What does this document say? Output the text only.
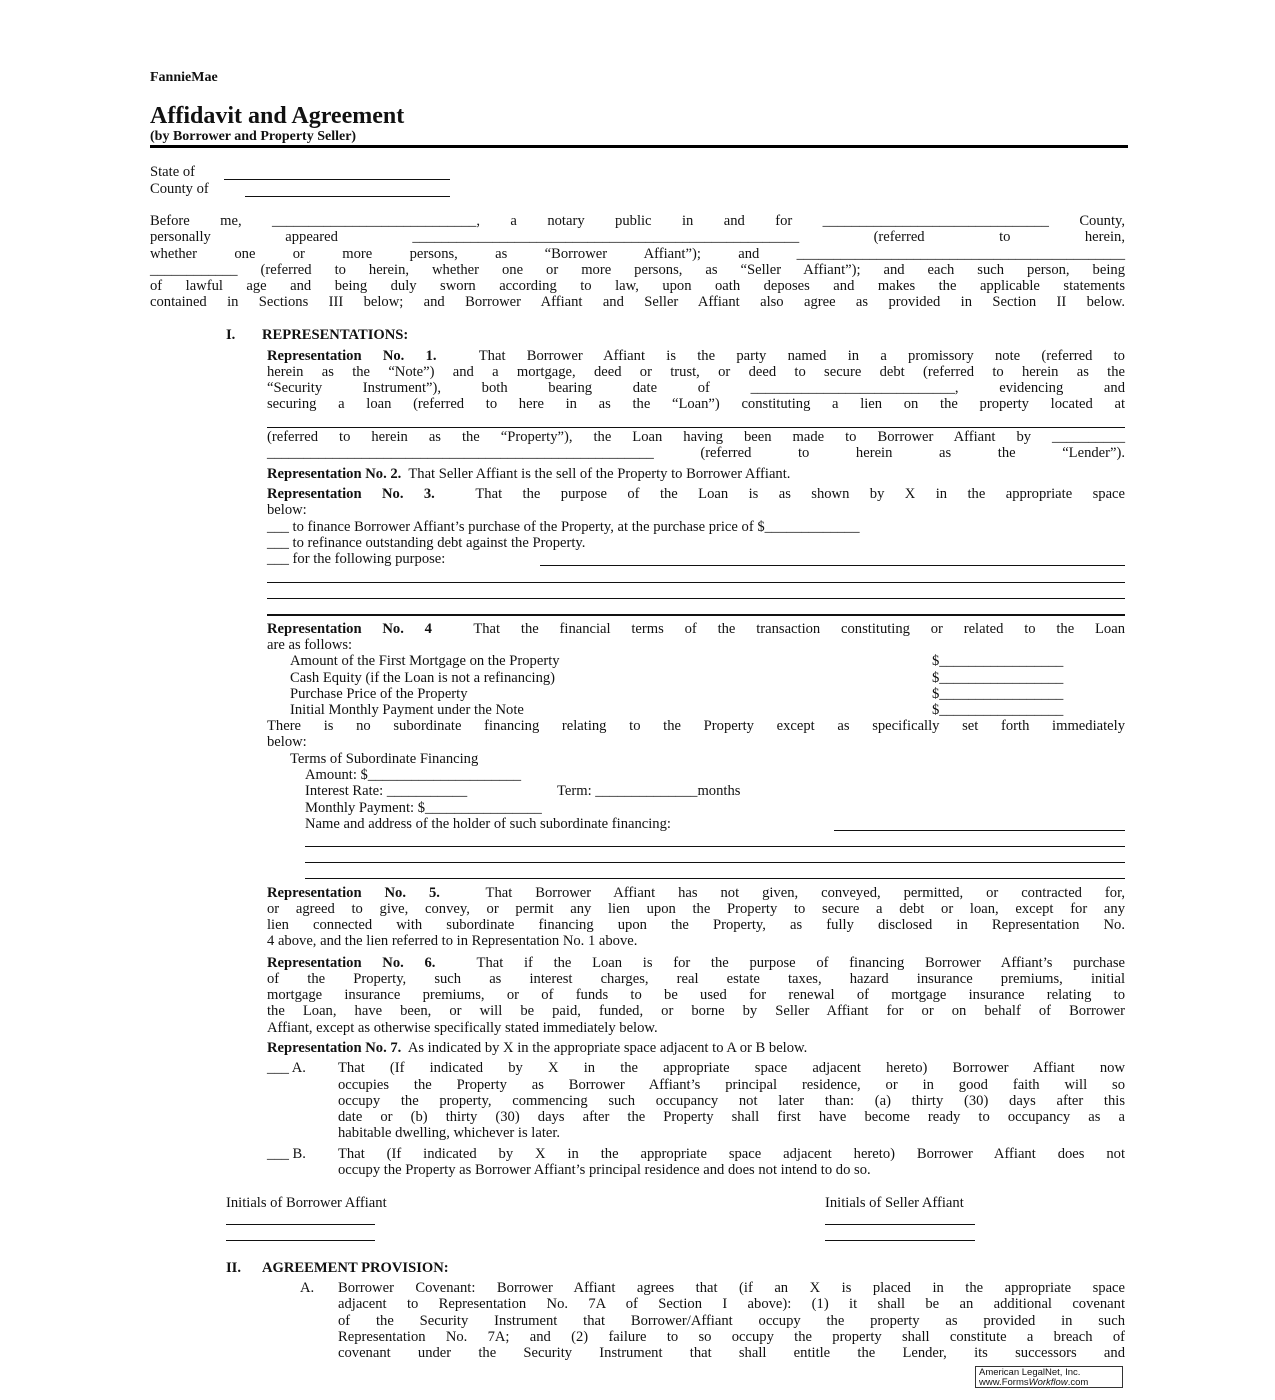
FannieMae
Affidavit and Agreement
(by Borrower and Property Seller)
State of
County of
Before me, ____________________________, a notary public in and for _______________________________ County,
personally appeared _____________________________________________________ (referred to herein,
whether one or more persons, as “Borrower Affiant”); and _____________________________________________
____________ (referred to herein, whether one or more persons, as “Seller Affiant”); and each such person, being
of lawful age and being duly sworn according to law, upon oath deposes and makes the applicable statements
contained in Sections III below; and Borrower Affiant and Seller Affiant also agree as provided in Section II below.
I. REPRESENTATIONS:
Representation No. 1.	That Borrower Affiant is the party named in a promissory note (referred to
herein as the “Note”) and a mortgage, deed or trust, or deed to secure debt (referred to herein as the
“Security Instrument”), both bearing date of ____________________________, evidencing and
securing a loan (referred to here in as the “Loan”) constituting a lien on the property located at
(referred to herein as the “Property”), the Loan having been made to Borrower Affiant by __________
_____________________________________________________ (referred to herein as the “Lender”).
Representation No. 2. That Seller Affiant is the sell of the Property to Borrower Affiant.
Representation No. 3.	That the purpose of the Loan is as shown by X in the appropriate space
below:
___ to finance Borrower Affiant’s purchase of the Property, at the purchase price of $_____________
___ to refinance outstanding debt against the Property.
___ for the following purpose:
Representation No. 4	That the financial terms of the transaction constituting or related to the Loan
are as follows:
Amount of the First Mortgage on the Property	$_________________
Cash Equity (if the Loan is not a refinancing)	$_________________
Purchase Price of the Property	$_________________
Initial Monthly Payment under the Note	$_________________
There is no subordinate financing relating to the Property except as specifically set forth immediately
below:
Terms of Subordinate Financing
Amount: $_____________________
Interest Rate: ___________	Term: ______________months
Monthly Payment: $________________
Name and address of the holder of such subordinate financing:
Representation No. 5.	That Borrower Affiant has not given, conveyed, permitted, or contracted for,
or agreed to give, convey, or permit any lien upon the Property to secure a debt or loan, except for any
lien connected with subordinate financing upon the Property, as fully disclosed in Representation No.
4 above, and the lien referred to in Representation No. 1 above.
Representation No. 6.	That if the Loan is for the purpose of financing Borrower Affiant’s purchase
of the Property, such as interest charges, real estate taxes, hazard insurance premiums, initial
mortgage insurance premiums, or of funds to be used for renewal of mortgage insurance relating to
the Loan, have been, or will be paid, funded, or borne by Seller Affiant for or on behalf of Borrower
Affiant, except as otherwise specifically stated immediately below.
Representation No. 7. As indicated by X in the appropriate space adjacent to A or B below.
___ A. That (If indicated by X in the appropriate space adjacent hereto) Borrower Affiant now
occupies the Property as Borrower Affiant’s principal residence, or in good faith will so
occupy the property, commencing such occupancy not later than: (a) thirty (30) days after this
date or (b) thirty (30) days after the Property shall first have become ready to occupancy as a
habitable dwelling, whichever is later.
___ B. That (If indicated by X in the appropriate space adjacent hereto) Borrower Affiant does not
occupy the Property as Borrower Affiant’s principal residence and does not intend to do so.
Initials of Borrower Affiant	Initials of Seller Affiant
II. AGREEMENT PROVISION:
A. Borrower Covenant: Borrower Affiant agrees that (if an X is placed in the appropriate space
adjacent to Representation No. 7A of Section I above): (1) it shall be an additional covenant
of the Security Instrument that Borrower/Affiant occupy the property as provided in such
Representation No. 7A; and (2) failure to so occupy the property shall constitute a breach of
covenant under the Security Instrument that shall entitle the Lender, its successors and
American LegalNet, Inc.
www.FormsWorkflow.com
